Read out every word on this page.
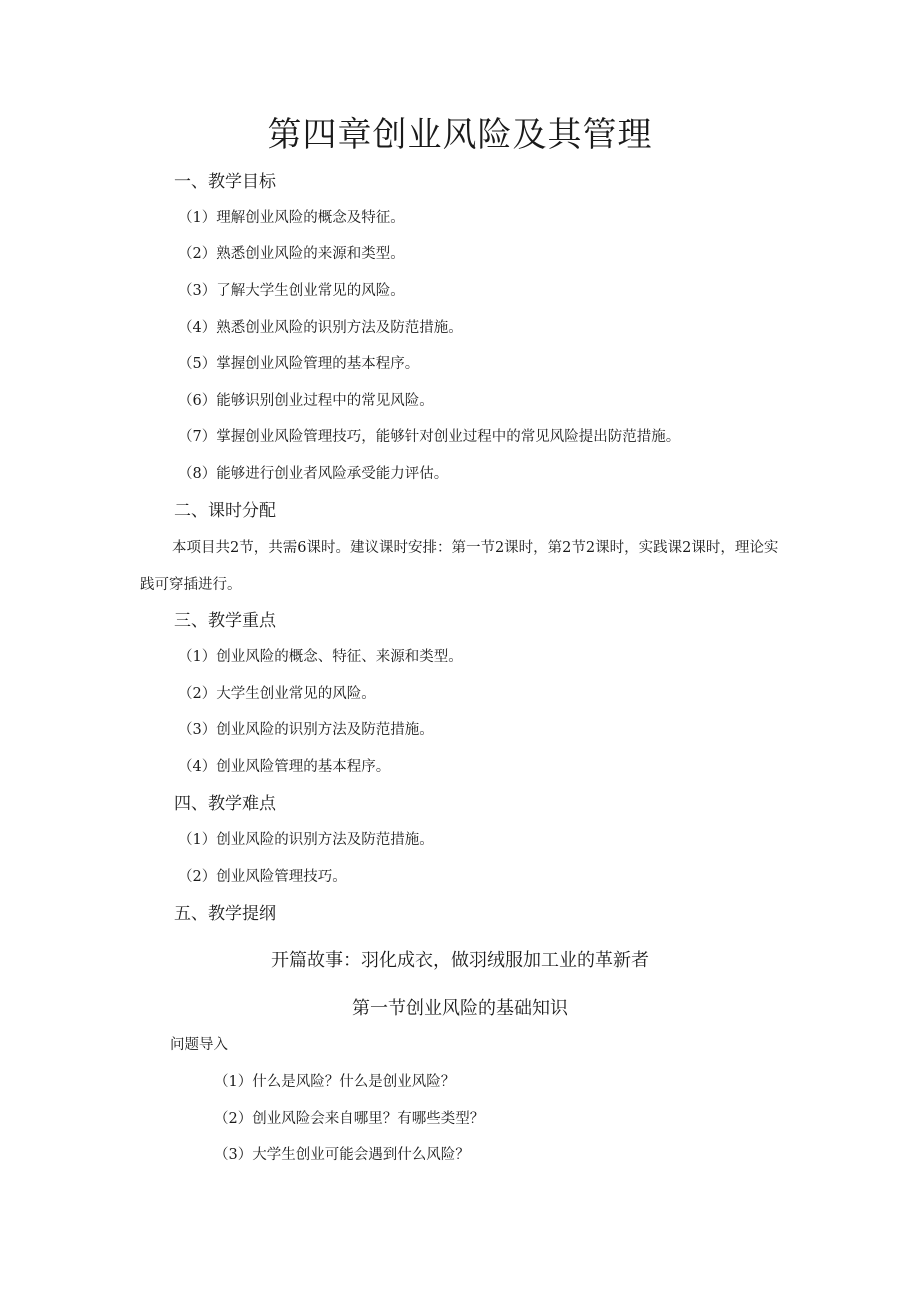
第四章创业风险及其管理
一、教学目标
（1）理解创业风险的概念及特征。
（2）熟悉创业风险的来源和类型。
（3）了解大学生创业常见的风险。
（4）熟悉创业风险的识别方法及防范措施。
（5）掌握创业风险管理的基本程序。
（6）能够识别创业过程中的常见风险。
（7）掌握创业风险管理技巧，能够针对创业过程中的常见风险提出防范措施。
（8）能够进行创业者风险承受能力评估。
二、课时分配
本项目共2节，共需6课时。建议课时安排：第一节2课时，第2节2课时，实践课2课时，理论实践可穿插进行。
三、教学重点
（1）创业风险的概念、特征、来源和类型。
（2）大学生创业常见的风险。
（3）创业风险的识别方法及防范措施。
（4）创业风险管理的基本程序。
四、教学难点
（1）创业风险的识别方法及防范措施。
（2）创业风险管理技巧。
五、教学提纲
开篇故事：羽化成衣，做羽绒服加工业的革新者
第一节创业风险的基础知识
问题导入
（1）什么是风险？什么是创业风险？
（2）创业风险会来自哪里？有哪些类型？
（3）大学生创业可能会遇到什么风险？
